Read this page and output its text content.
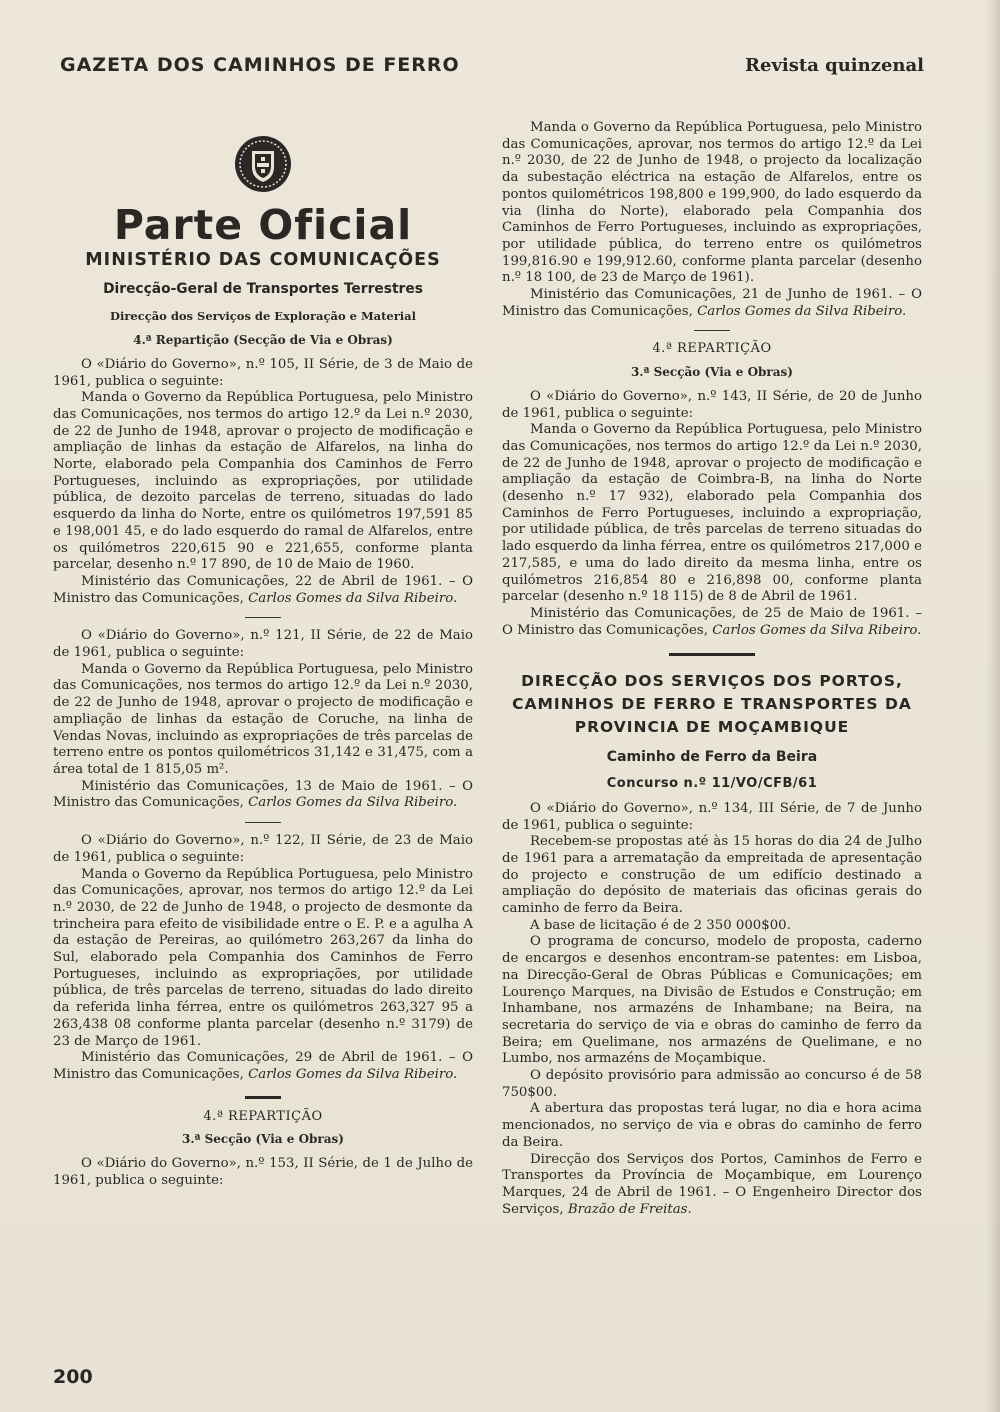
GAZETA DOS CAMINHOS DE FERRO	Revista quinzenal
Parte Oficial
MINISTÉRIO DAS COMUNICAÇÕES
Direcção-Geral de Transportes Terrestres
Direcção dos Serviços de Exploração e Material
4.ª Repartição (Secção de Via e Obras)

O «Diário do Governo», n.º 105, II Série, de 3 de Maio de 1961, publica o seguinte:

Manda o Governo da República Portuguesa, pelo Ministro das Comunicações, nos termos do artigo 12.º da Lei n.º 2030, de 22 de Junho de 1948, aprovar o projecto de modificação e ampliação de linhas da estação de Alfarelos, na linha do Norte, elaborado pela Companhia dos Caminhos de Ferro Portugueses, incluindo as expropriações, por utilidade pública, de dezoito parcelas de terreno, situadas do lado esquerdo da linha do Norte, entre os quilómetros 197,591 85 e 198,001 45, e do lado esquerdo do ramal de Alfarelos, entre os quilómetros 220,615 90 e 221,655, conforme planta parcelar, desenho n.º 17 890, de 10 de Maio de 1960.

Ministério das Comunicações, 22 de Abril de 1961. – O Ministro das Comunicações, Carlos Gomes da Silva Ribeiro.

O «Diário do Governo», n.º 121, II Série, de 22 de Maio de 1961, publica o seguinte:

Manda o Governo da República Portuguesa, pelo Ministro das Comunicações, nos termos do artigo 12.º da Lei n.º 2030, de 22 de Junho de 1948, aprovar o projecto de modificação e ampliação de linhas da estação de Coruche, na linha de Vendas Novas, incluindo as expropriações de três parcelas de terreno entre os pontos quilométricos 31,142 e 31,475, com a área total de 1 815,05 m².

Ministério das Comunicações, 13 de Maio de 1961. – O Ministro das Comunicações, Carlos Gomes da Silva Ribeiro.

O «Diário do Governo», n.º 122, II Série, de 23 de Maio de 1961, publica o seguinte:

Manda o Governo da República Portuguesa, pelo Ministro das Comunicações, aprovar, nos termos do artigo 12.º da Lei n.º 2030, de 22 de Junho de 1948, o projecto de desmonte da trincheira para efeito de visibilidade entre o E. P. e a agulha A da estação de Pereiras, ao quilómetro 263,267 da linha do Sul, elaborado pela Companhia dos Caminhos de Ferro Portugueses, incluindo as expropriações, por utilidade pública, de três parcelas de terreno, situadas do lado direito da referida linha férrea, entre os quilómetros 263,327 95 a 263,438 08 conforme planta parcelar (desenho n.º 3179) de 23 de Março de 1961.

Ministério das Comunicações, 29 de Abril de 1961. – O Ministro das Comunicações, Carlos Gomes da Silva Ribeiro.

4.ª REPARTIÇÃO
3.ª Secção (Via e Obras)

O «Diário do Governo», n.º 153, II Série, de 1 de Julho de 1961, publica o seguinte:

Manda o Governo da República Portuguesa, pelo Ministro das Comunicações, aprovar, nos termos do artigo 12.º da Lei n.º 2030, de 22 de Junho de 1948, o projecto da localização da subestação eléctrica na estação de Alfarelos, entre os pontos quilométricos 198,800 e 199,900, do lado esquerdo da via (linha do Norte), elaborado pela Companhia dos Caminhos de Ferro Portugueses, incluindo as expropriações, por utilidade pública, do terreno entre os quilómetros 199,816.90 e 199,912.60, conforme planta parcelar (desenho n.º 18 100, de 23 de Março de 1961).

Ministério das Comunicações, 21 de Junho de 1961. – O Ministro das Comunicações, Carlos Gomes da Silva Ribeiro.

4.ª REPARTIÇÃO
3.ª Secção (Via e Obras)

O «Diário do Governo», n.º 143, II Série, de 20 de Junho de 1961, publica o seguinte:

Manda o Governo da República Portuguesa, pelo Ministro das Comunicações, nos termos do artigo 12.º da Lei n.º 2030, de 22 de Junho de 1948, aprovar o projecto de modificação e ampliação da estação de Coimbra-B, na linha do Norte (desenho n.º 17 932), elaborado pela Companhia dos Caminhos de Ferro Portugueses, incluindo a expropriação, por utilidade pública, de três parcelas de terreno situadas do lado esquerdo da linha férrea, entre os quilómetros 217,000 e 217,585, e uma do lado direito da mesma linha, entre os quilómetros 216,854 80 e 216,898 00, conforme planta parcelar (desenho n.º 18 115) de 8 de Abril de 1961.

Ministério das Comunicações, de 25 de Maio de 1961. – O Ministro das Comunicações, Carlos Gomes da Silva Ribeiro.

DIRECÇÃO DOS SERVIÇOS DOS PORTOS, CAMINHOS DE FERRO E TRANSPORTES DA PROVINCIA DE MOÇAMBIQUE
Caminho de Ferro da Beira
Concurso n.º 11/VO/CFB/61

O «Diário do Governo», n.º 134, III Série, de 7 de Junho de 1961, publica o seguinte:

Recebem-se propostas até às 15 horas do dia 24 de Julho de 1961 para a arrematação da empreitada de apresentação do projecto e construção de um edifício destinado a ampliação do depósito de materiais das oficinas gerais do caminho de ferro da Beira.

A base de licitação é de 2 350 000$00.

O programa de concurso, modelo de proposta, caderno de encargos e desenhos encontram-se patentes: em Lisboa, na Direcção-Geral de Obras Públicas e Comunicações; em Lourenço Marques, na Divisão de Estudos e Construção; em Inhambane, nos armazéns de Inhambane; na Beira, na secretaria do serviço de via e obras do caminho de ferro da Beira; em Quelimane, nos armazéns de Quelimane, e no Lumbo, nos armazéns de Moçambique.

O depósito provisório para admissão ao concurso é de 58 750$00.

A abertura das propostas terá lugar, no dia e hora acima mencionados, no serviço de via e obras do caminho de ferro da Beira.

Direcção dos Serviços dos Portos, Caminhos de Ferro e Transportes da Província de Moçambique, em Lourenço Marques, 24 de Abril de 1961. – O Engenheiro Director dos Serviços, Brazão de Freitas.

200
